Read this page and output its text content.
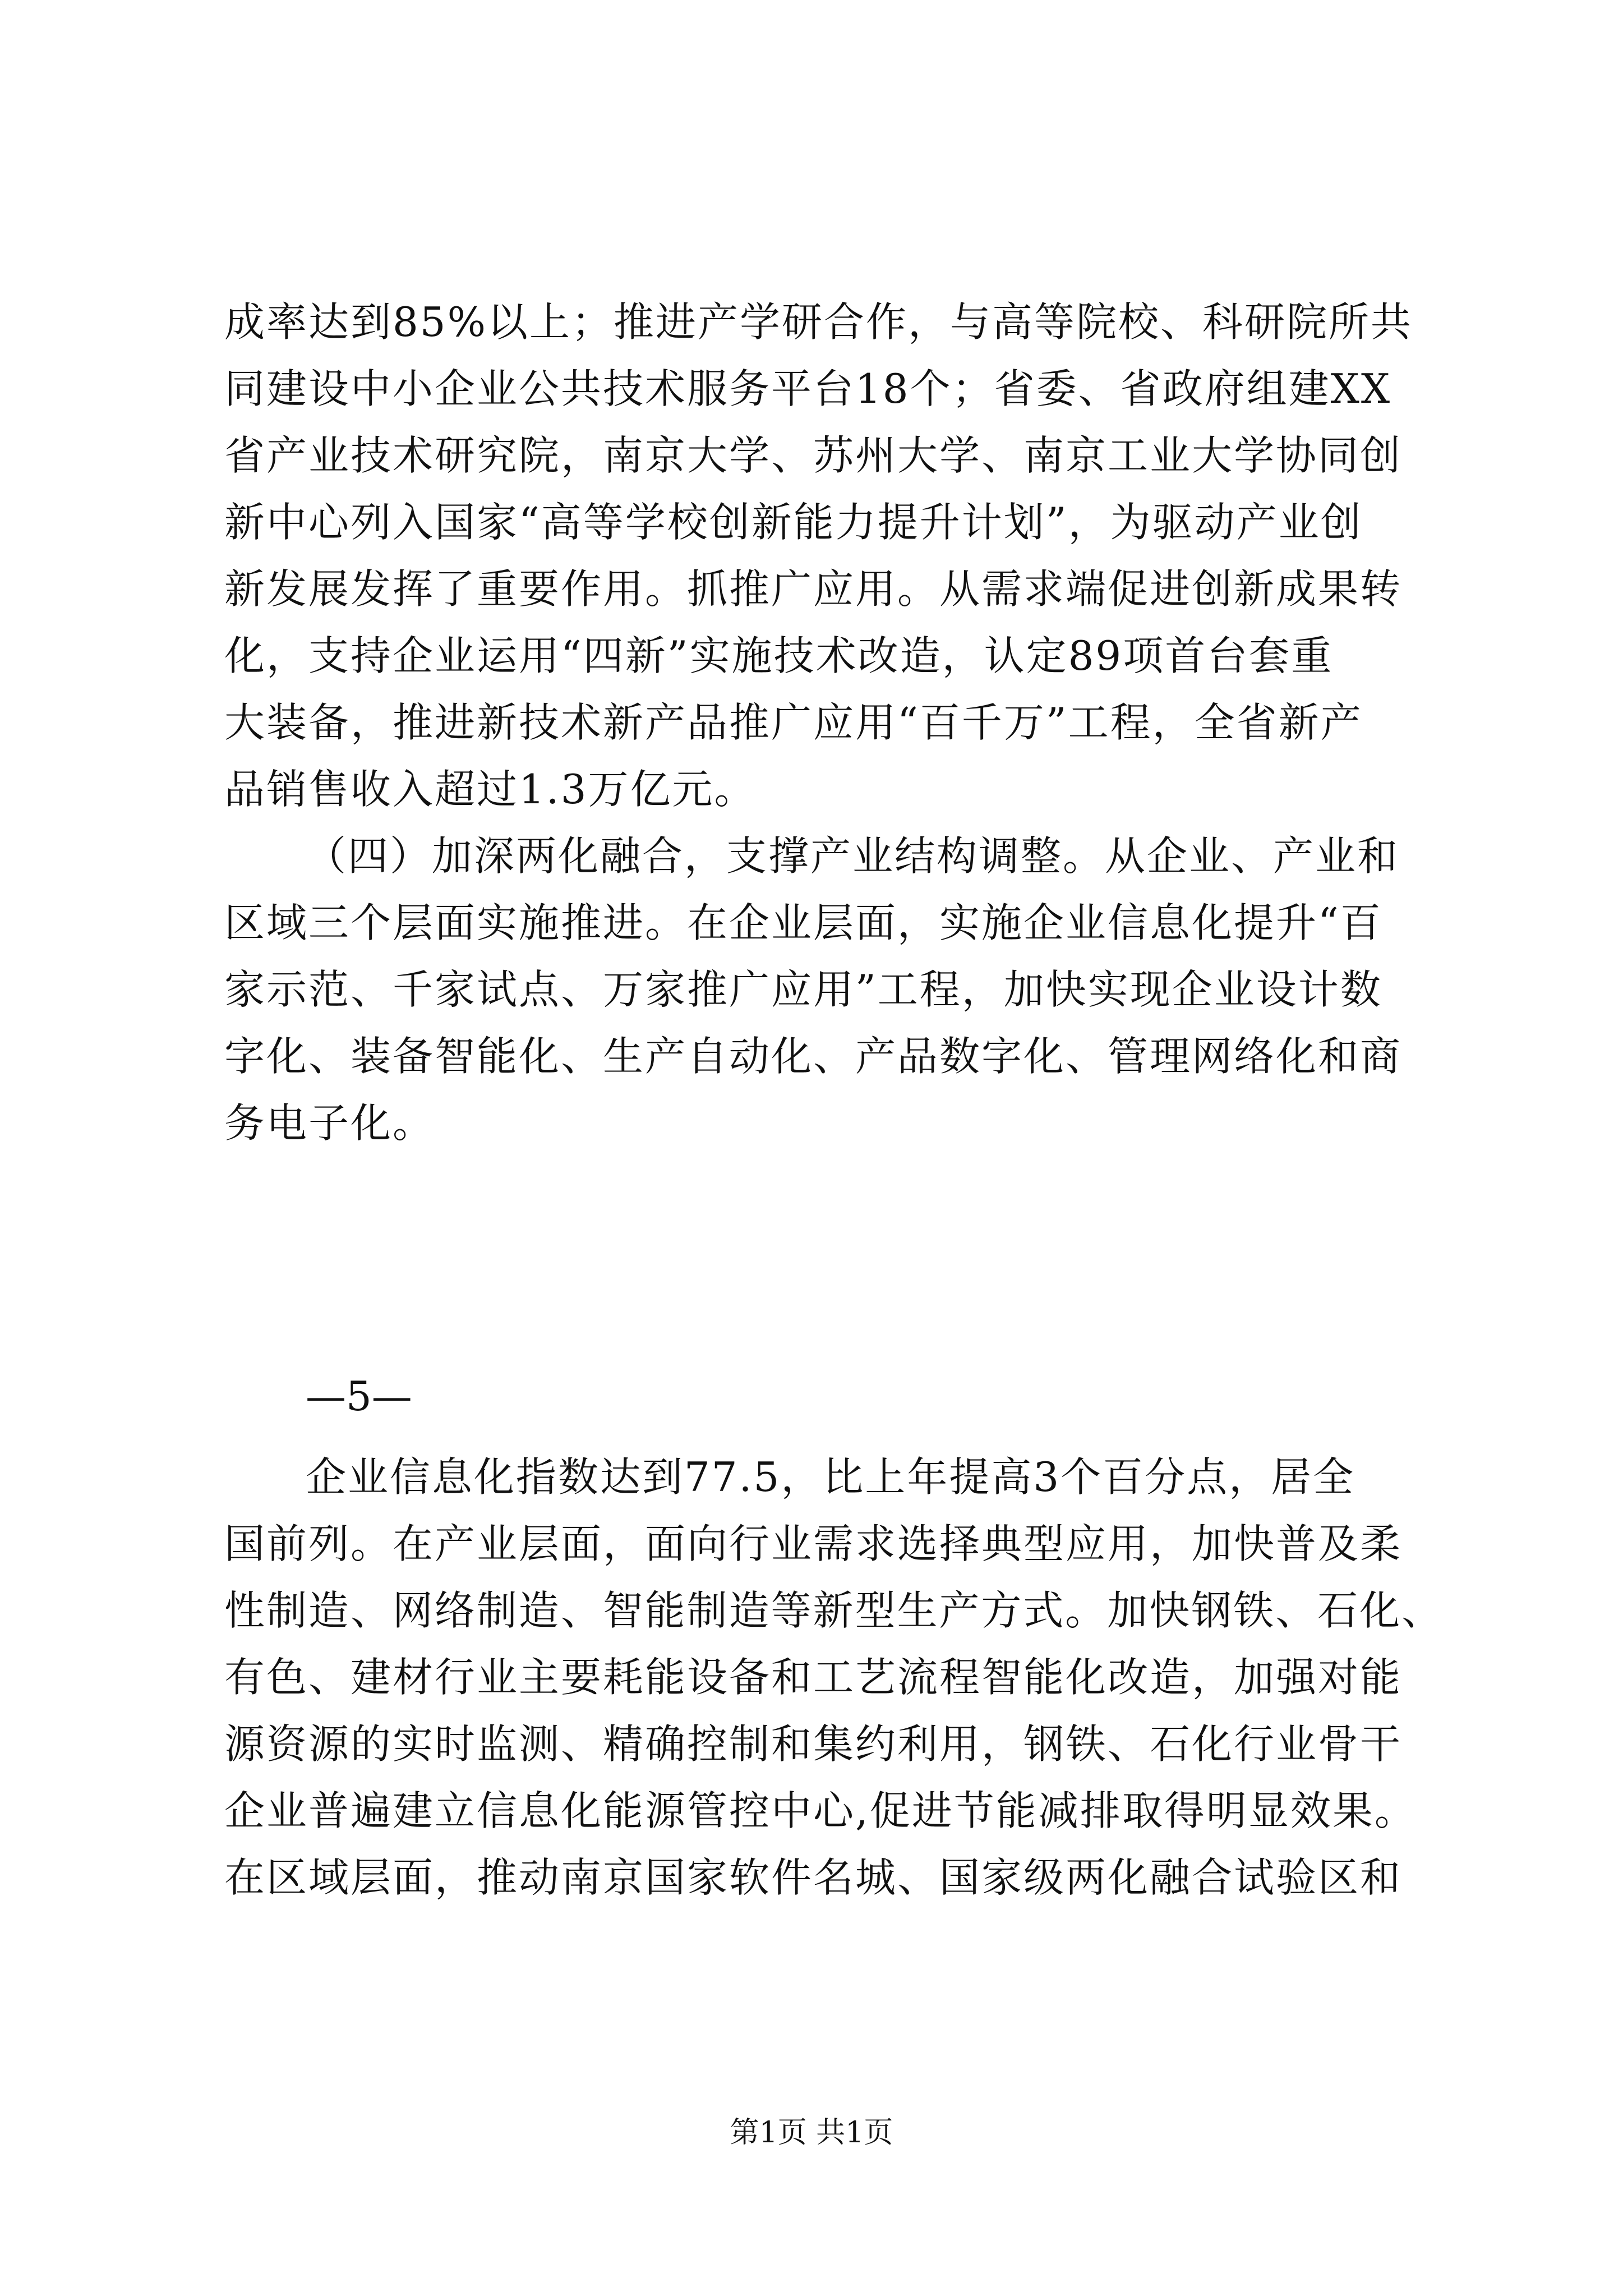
成率达到85%以上；推进产学研合作，与高等院校、科研院所共
同建设中小企业公共技术服务平台18个；省委、省政府组建XX
省产业技术研究院，南京大学、苏州大学、南京工业大学协同创
新中心列入国家“高等学校创新能力提升计划”，为驱动产业创
新发展发挥了重要作用。抓推广应用。从需求端促进创新成果转
化，支持企业运用“四新”实施技术改造，认定89项首台套重
大装备，推进新技术新产品推广应用“百千万”工程，全省新产
品销售收入超过1.3万亿元。
（四）加深两化融合，支撑产业结构调整。从企业、产业和
区域三个层面实施推进。在企业层面，实施企业信息化提升“百
家示范、千家试点、万家推广应用”工程，加快实现企业设计数
字化、装备智能化、生产自动化、产品数字化、管理网络化和商
务电子化。
—5—
企业信息化指数达到77.5，比上年提高3个百分点，居全
国前列。在产业层面，面向行业需求选择典型应用，加快普及柔
性制造、网络制造、智能制造等新型生产方式。加快钢铁、石化、
有色、建材行业主要耗能设备和工艺流程智能化改造，加强对能
源资源的实时监测、精确控制和集约利用，钢铁、石化行业骨干
企业普遍建立信息化能源管控中心,促进节能减排取得明显效果。
在区域层面，推动南京国家软件名城、国家级两化融合试验区和
第1页 共1页
